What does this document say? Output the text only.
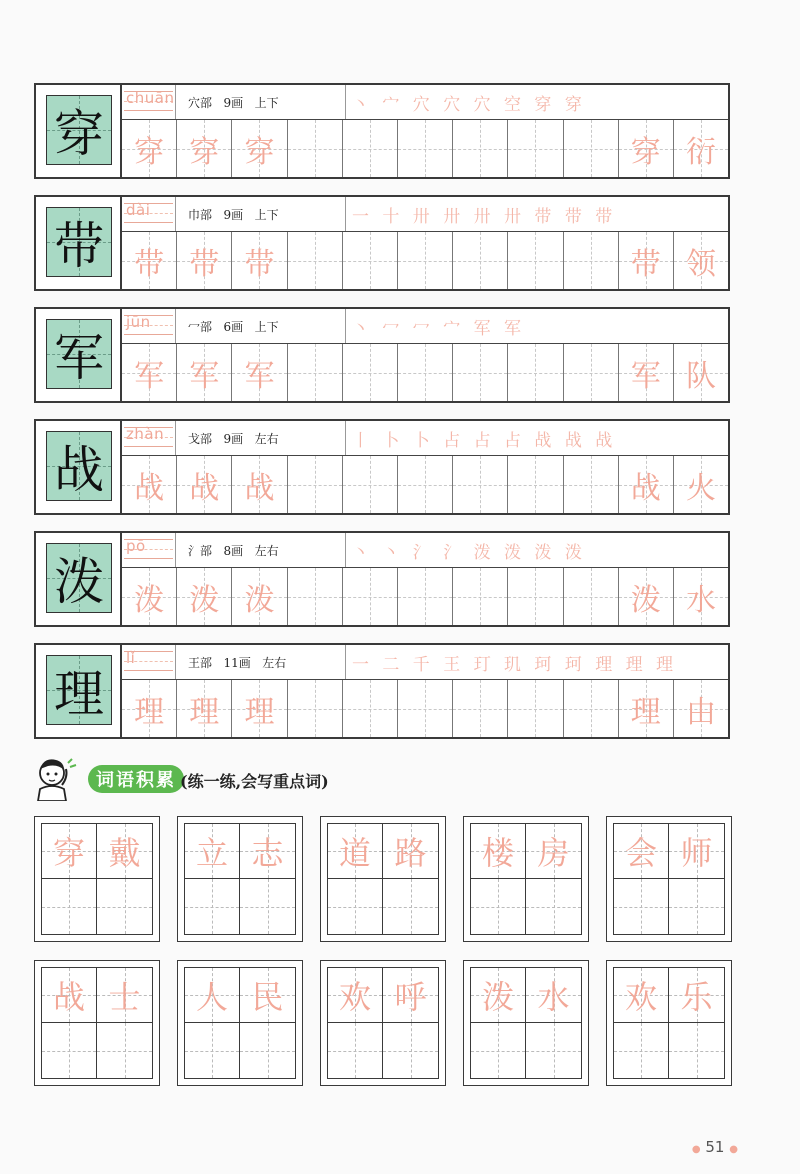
穿
chuān 穴部
9画
上下	丶 宀 穴 穴 穴 空 穿 穿
穿 穿 穿	穿 衍
带
dài	巾部
9画
上下	一 十 卅 卅 卅 卅 带 带 带
带 带 带	带 领
军
jūn	冖部
6画
上下	丶 冖 冖 宀 军 军
军 军 军	军 队
战
zhàn 戈部
9画
左右	丨 卜 卜 占 占 占 战 战 战
战 战 战	战 火
泼
pō	氵部
8画
左右	丶 丶 氵 氵 泼 泼 泼 泼
泼 泼 泼	泼 水
理
lǐ	王部
11画
左右	一 二 千 王 玎 玑 珂 珂 理 理 理
理 理 理	理 由
词语积累 (练一练,会写重点词)
穿 戴 立 志 道 路 楼 房 会 师
战 士 人 民 欢 呼 泼 水 欢 乐
● 51 ●
